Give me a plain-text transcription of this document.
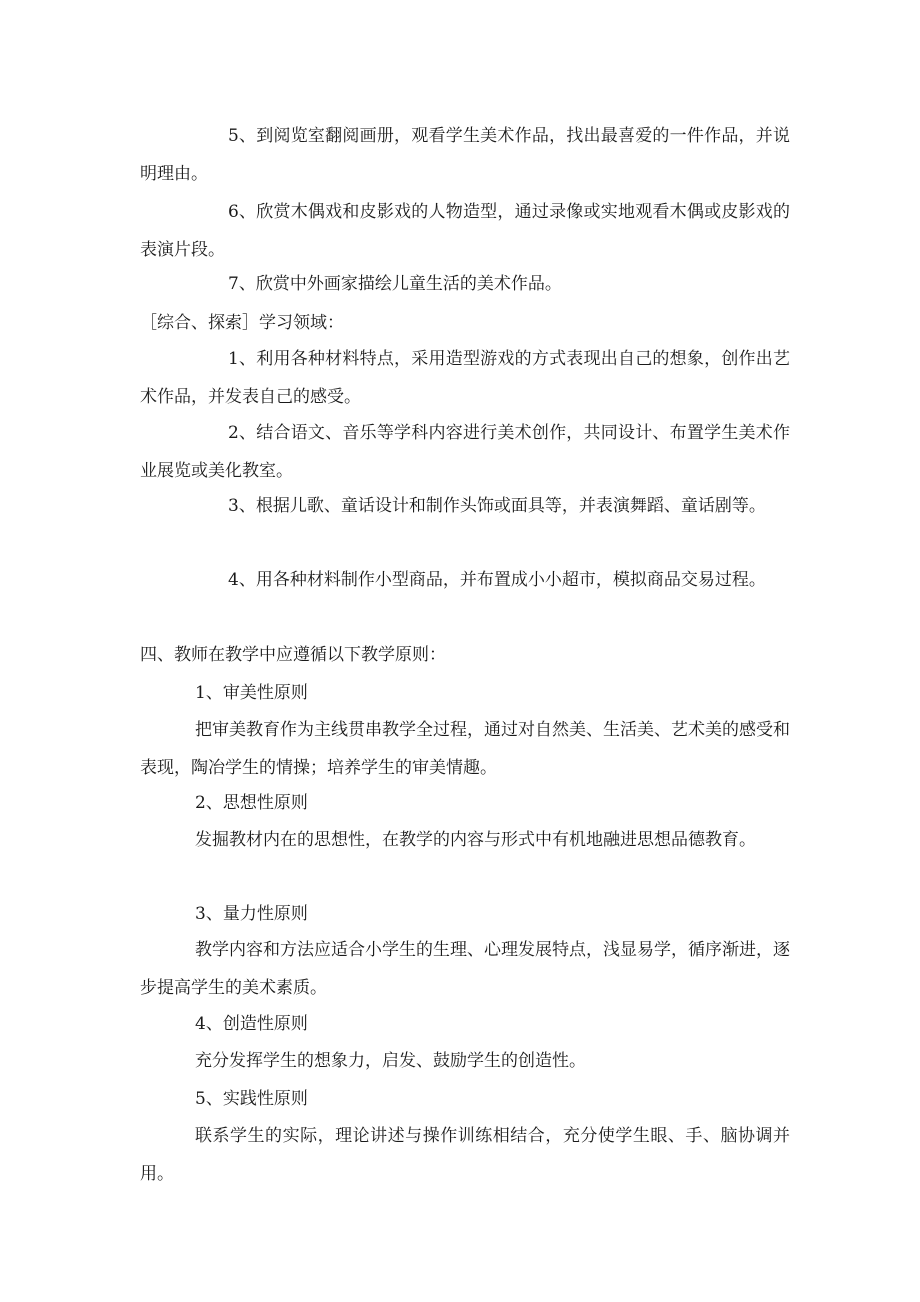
5、到阅览室翻阅画册，观看学生美术作品，找出最喜爱的一件作品，并说明理由。

6、欣赏木偶戏和皮影戏的人物造型，通过录像或实地观看木偶或皮影戏的表演片段。

7、欣赏中外画家描绘儿童生活的美术作品。

［综合、探索］学习领域：

1、利用各种材料特点，采用造型游戏的方式表现出自己的想象，创作出艺术作品，并发表自己的感受。

2、结合语文、音乐等学科内容进行美术创作，共同设计、布置学生美术作业展览或美化教室。

3、根据儿歌、童话设计和制作头饰或面具等，并表演舞蹈、童话剧等。

4、用各种材料制作小型商品，并布置成小小超市，模拟商品交易过程。

四、教师在教学中应遵循以下教学原则：

1、审美性原则

把审美教育作为主线贯串教学全过程，通过对自然美、生活美、艺术美的感受和表现，陶冶学生的情操；培养学生的审美情趣。

2、思想性原则

发掘教材内在的思想性，在教学的内容与形式中有机地融进思想品德教育。

3、量力性原则

教学内容和方法应适合小学生的生理、心理发展特点，浅显易学，循序渐进，逐步提高学生的美术素质。

4、创造性原则

充分发挥学生的想象力，启发、鼓励学生的创造性。

5、实践性原则

联系学生的实际，理论讲述与操作训练相结合，充分使学生眼、手、脑协调并用。
